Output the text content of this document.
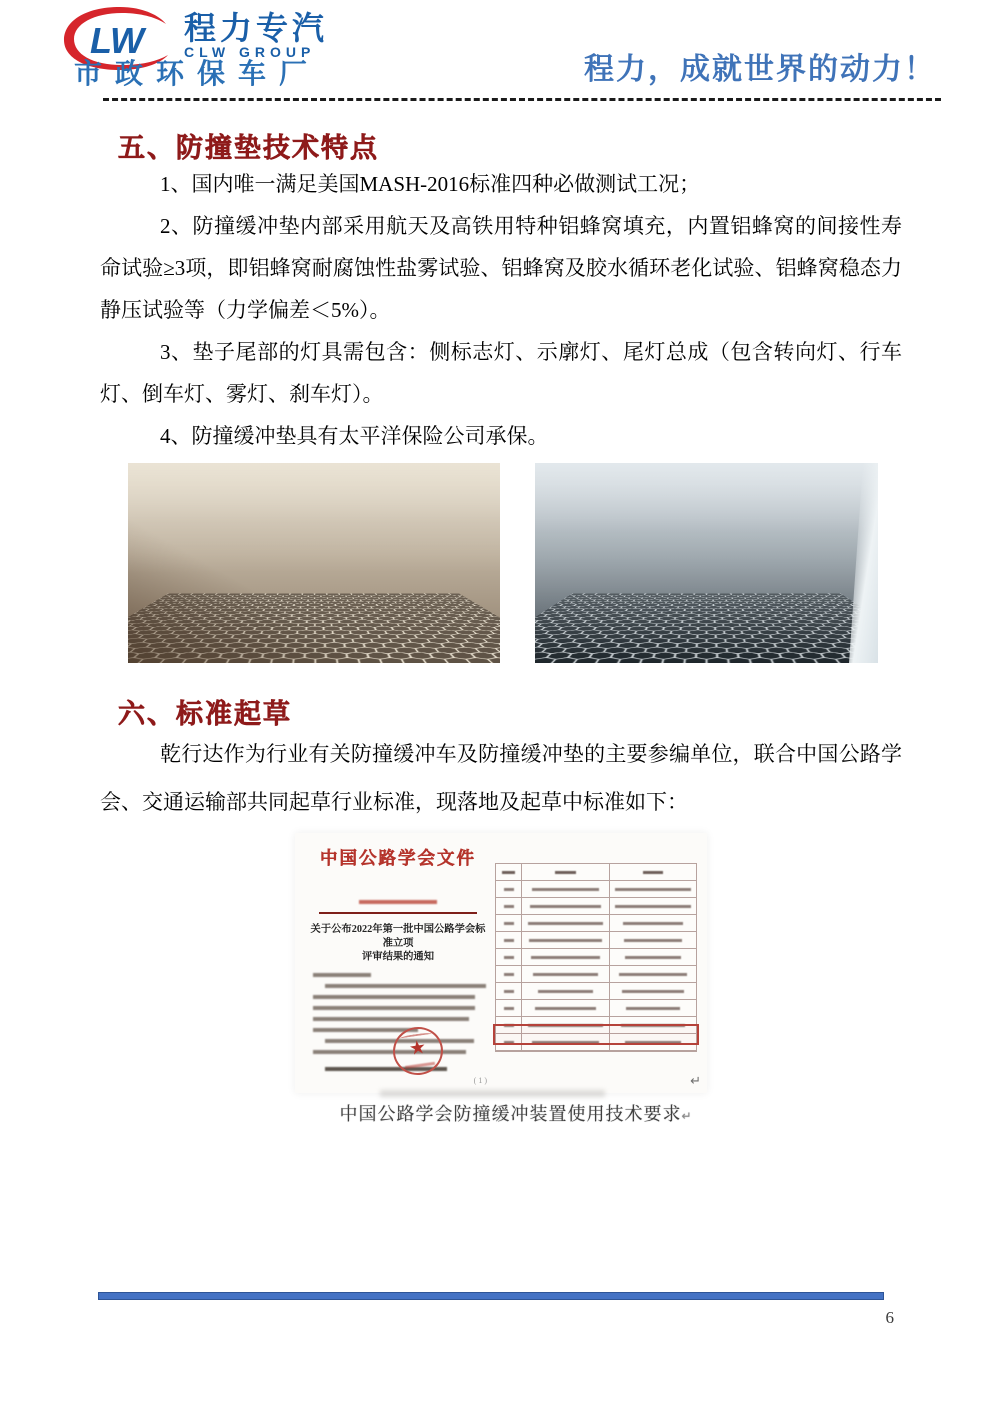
LW 程力专汽
CLW GROUP
市政环保车厂	程力，成就世界的动力！
五、防撞垫技术特点

1、国内唯一满足美国MASH-2016标准四种必做测试工况；

2、防撞缓冲垫内部采用航天及高铁用特种铝蜂窝填充，内置铝蜂窝的间接性寿命试验≥3项，即铝蜂窝耐腐蚀性盐雾试验、铝蜂窝及胶水循环老化试验、铝蜂窝稳态力静压试验等（力学偏差＜5%）。

3、垫子尾部的灯具需包含：侧标志灯、示廓灯、尾灯总成（包含转向灯、行车灯、倒车灯、雾灯、刹车灯）。

4、防撞缓冲垫具有太平洋保险公司承保。

六、标准起草

乾行达作为行业有关防撞缓冲车及防撞缓冲垫的主要参编单位，联合中国公路学会、交通运输部共同起草行业标准，现落地及起草中标准如下：

中国公路学会文件
关于公布2022年第一批中国公路学会标准立项
评审结果的通知
★
( 1 )	↵
中国公路学会防撞缓冲装置使用技术要求↵
6
